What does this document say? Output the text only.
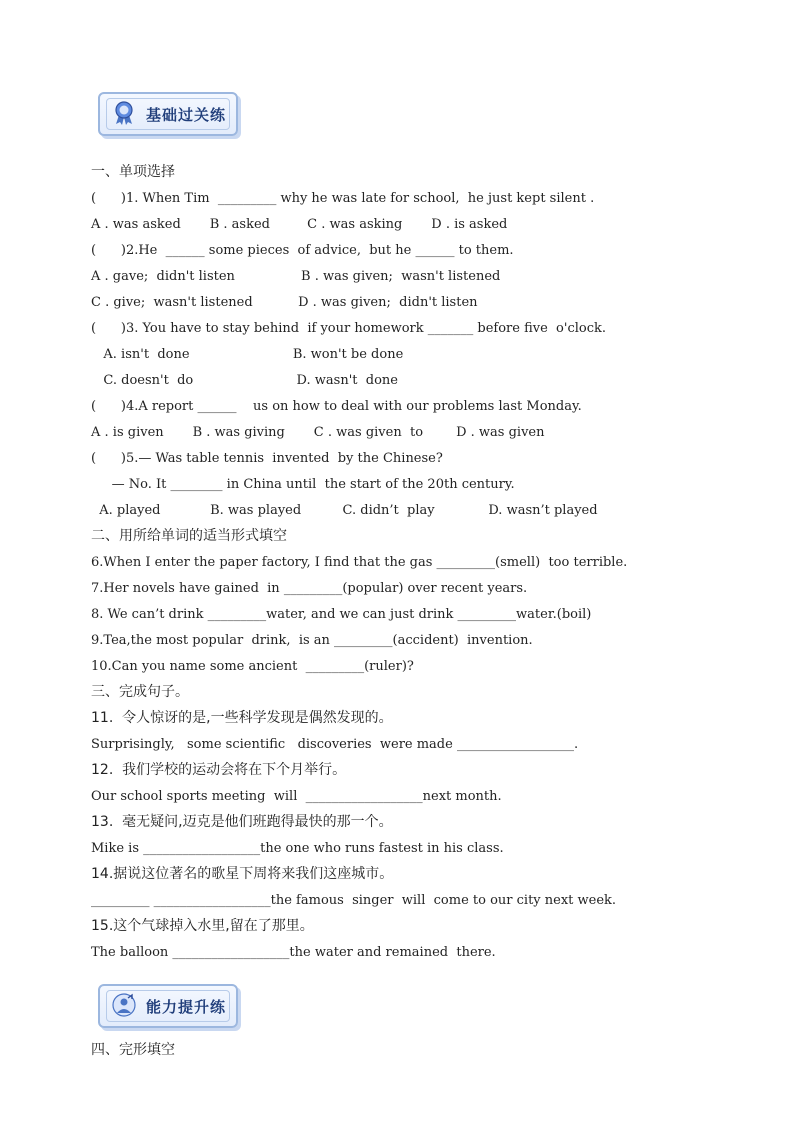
基础过关练
一、单项选择
(      )1. When Tim  _________ why he was late for school,  he just kept silent .
A . was asked       B . asked         C . was asking       D . is asked
(      )2.He  ______ some pieces  of advice,  but he ______ to them.
A . gave;  didn't listen                B . was given;  wasn't listened
C . give;  wasn't listened           D . was given;  didn't listen
(      )3. You have to stay behind  if your homework _______ before five  o'clock.
A. isn't  done                         B. won't be done
C. doesn't  do                         D. wasn't  done
(      )4.A report ______    us on how to deal with our problems last Monday.
A . is given       B . was giving       C . was given  to        D . was given
(      )5.— Was table tennis  invented  by the Chinese?
— No. It ________ in China until  the start of the 20th century.
A. played            B. was played          C. didn’t  play             D. wasn’t played
二、用所给单词的适当形式填空
6.When I enter the paper factory, I find that the gas _________(smell)  too terrible.
7.Her novels have gained  in _________(popular) over recent years.
8. We can’t drink _________water, and we can just drink _________water.(boil)
9.Tea,the most popular  drink,  is an _________(accident)  invention.
10.Can you name some ancient  _________(ruler)?
三、完成句子。
11.  令人惊讶的是,一些科学发现是偶然发现的。
Surprisingly,   some scientific   discoveries  were made __________________.
12.  我们学校的运动会将在下个月举行。
Our school sports meeting  will  __________________next month.
13.  毫无疑问,迈克是他们班跑得最快的那一个。
Mike is __________________the one who runs fastest in his class.
14.据说这位著名的歌星下周将来我们这座城市。
_________ __________________the famous  singer  will  come to our city next week.
15.这个气球掉入水里,留在了那里。
The balloon __________________the water and remained  there.
能力提升练
四、完形填空
